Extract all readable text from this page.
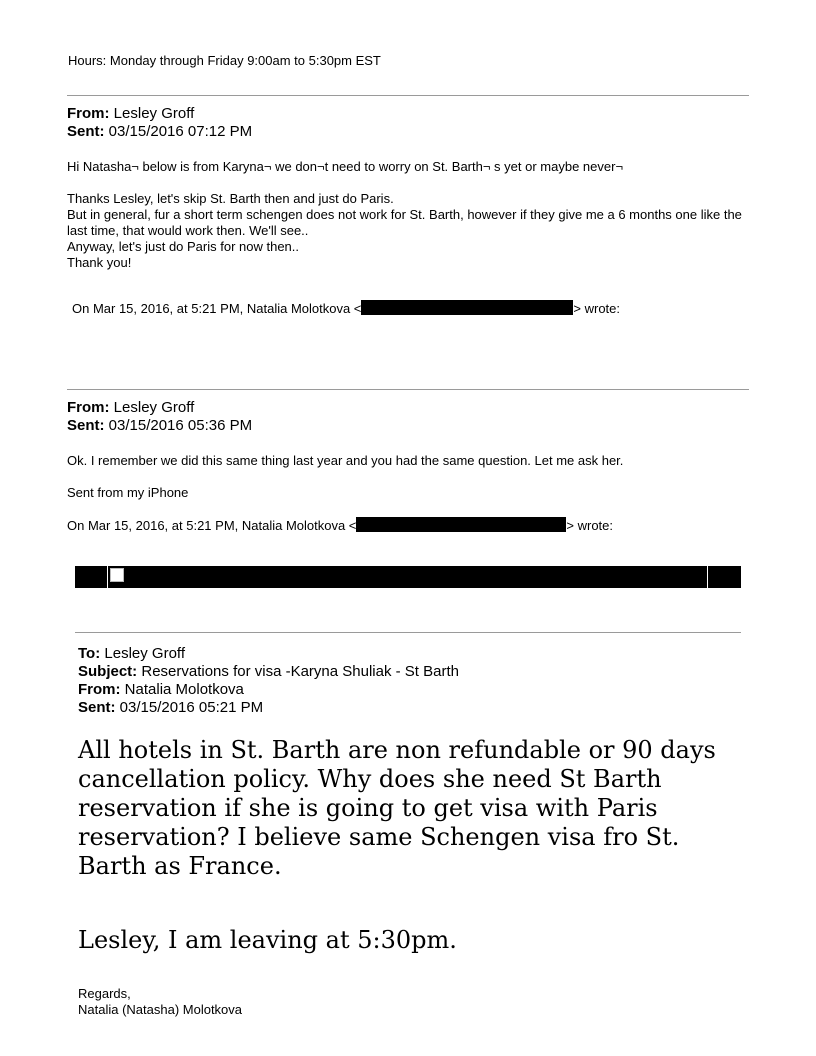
Hours: Monday through Friday 9:00am to 5:30pm EST
From: Lesley Groff
Sent: 03/15/2016 07:12 PM
Hi Natasha¬ below is from Karyna¬ we don¬t need to worry on St. Barth¬ s yet or maybe never¬
Thanks Lesley, let's skip St. Barth then and just do Paris.
But in general, fur a short term schengen does not work for St. Barth, however if they give me a 6 months one like the last time, that would work then. We'll see..
Anyway, let's just do Paris for now then..
Thank you!
On Mar 15, 2016, at 5:21 PM, Natalia Molotkova <	> wrote:
From: Lesley Groff
Sent: 03/15/2016 05:36 PM
Ok. I remember we did this same thing last year and you had the same question. Let me ask her.
Sent from my iPhone
On Mar 15, 2016, at 5:21 PM, Natalia Molotkova <	> wrote:
To: Lesley Groff
Subject: Reservations for visa -Karyna Shuliak - St Barth
From: Natalia Molotkova
Sent: 03/15/2016 05:21 PM
All hotels in St. Barth are non refundable or 90 days cancellation policy. Why does she need St Barth reservation if she is going to get visa with Paris reservation? I believe same Schengen visa fro St. Barth as France.
Lesley, I am leaving at 5:30pm.
Regards,
Natalia (Natasha) Molotkova
